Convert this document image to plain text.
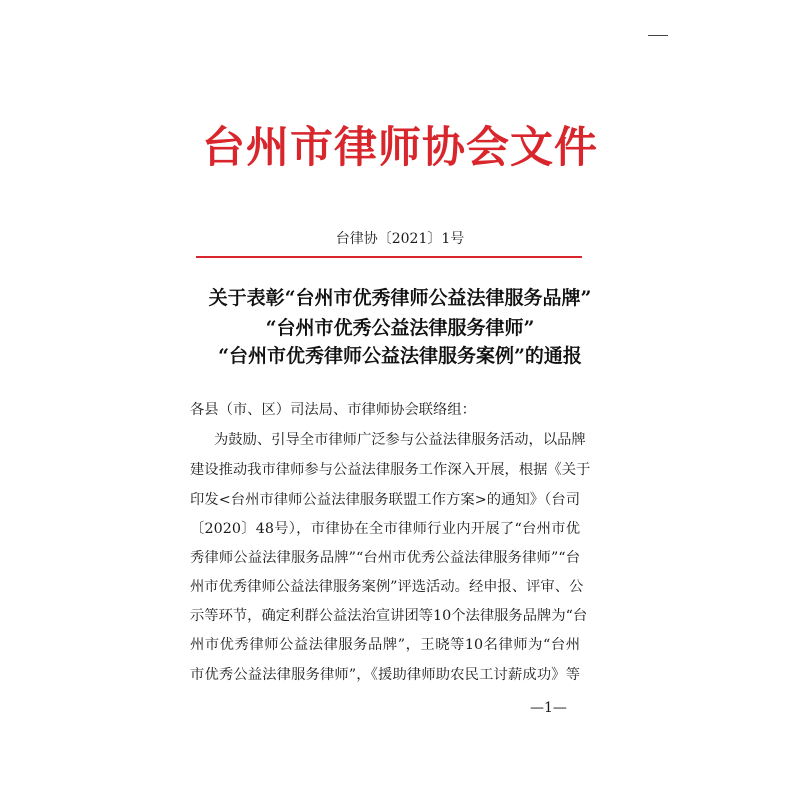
台州市律师协会文件
台律协〔2021〕1号
关于表彰“台州市优秀律师公益法律服务品牌”
“台州市优秀公益法律服务律师”
“台州市优秀律师公益法律服务案例”的通报
各县（市、区）司法局、市律师协会联络组：
为鼓励、引导全市律师广泛参与公益法律服务活动，以品牌
建设推动我市律师参与公益法律服务工作深入开展，根据《关于
印发<台州市律师公益法律服务联盟工作方案>的通知》（台司
〔2020〕48号），市律协在全市律师行业内开展了“台州市优
秀律师公益法律服务品牌”“台州市优秀公益法律服务律师”“台
州市优秀律师公益法律服务案例”评选活动。经申报、评审、公
示等环节，确定利群公益法治宣讲团等10个法律服务品牌为“台
州市优秀律师公益法律服务品牌”，王晓等10名律师为“台州
市优秀公益法律服务律师”，《援助律师助农民工讨薪成功》等
—1—
